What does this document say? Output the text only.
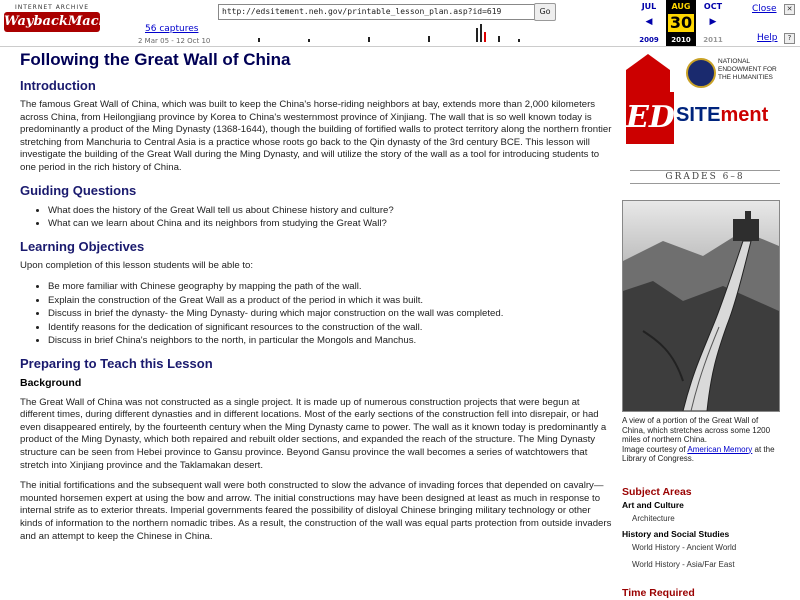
INTERNET ARCHIVE
WaybackMachine 56 captures
2 Mar 05 - 12 Oct 10
http://edsitement.neh.gov/printable_lesson_plan.asp?id=619	Go
JUL
◀
2009
AUG
30
2010
OCT
▶
2011
Close	✕
Help	?
Following the Great Wall of China
Introduction

The famous Great Wall of China, which was built to keep the China's horse-riding neighbors at bay, extends more than 2,000 kilometers across China, from Heilongjiang province by Korea to China's westernmost province of Xinjiang. The wall that is so well known today is predominantly a product of the Ming Dynasty (1368-1644), though the building of fortified walls to protect territory along the northern frontier stretching from Manchuria to Central Asia is a practice whose roots go back to the Qin dynasty of the 3rd century BCE. This lesson will investigate the building of the Great Wall during the Ming Dynasty, and will utilize the story of the wall as a tool for introducing students to one period in the rich history of China.

Guiding Questions
• What does the history of the Great Wall tell us about Chinese history and culture?
• What can we learn about China and its neighbors from studying the Great Wall?
Learning Objectives

Upon completion of this lesson students will be able to:

• Be more familiar with Chinese geography by mapping the path of the wall.
• Explain the construction of the Great Wall as a product of the period in which it was built.
• Discuss in brief the dynasty- the Ming Dynasty- during which major construction on the wall was completed.
• Identify reasons for the dedication of significant resources to the construction of the wall.
• Discuss in brief China's neighbors to the north, in particular the Mongols and Manchus.
Preparing to Teach this Lesson
Background

The Great Wall of China was not constructed as a single project. It is made up of numerous construction projects that were begun at different times, during different dynasties and in different locations. Most of the early sections of the construction fell into disrepair, or had even disappeared entirely, by the fourteenth century when the Ming Dynasty came to power. The wall as it known today is predominantly a product of the Ming Dynasty, which both repaired and rebuilt older sections, and expanded the reach of the structure. The Ming Dynasty structure can be seen from Hebei province to Gansu province. Beyond Gansu province the wall becomes a series of watchtowers that stretch into Xinjiang province and the Taklamakan desert.

The initial fortifications and the subsequent wall were both constructed to slow the advance of invading forces that depended on cavalry—mounted horsemen expert at using the bow and arrow. The initial constructions may have been designed at least as much in response to internal strife as to exterior threats. Imperial governments feared the possibility of disloyal Chinese bringing military technology or other kinds of information to the northern nomadic tribes. As a result, the construction of the wall was equal parts protection from outside invaders and an attempt to keep the Chinese in China.

ED
NATIONAL ENDOWMENT FOR THE HUMANITIES
SITEment
GRADES 6–8
A view of a portion of the Great Wall of China, which stretches across some 1200 miles of northern China.
Image courtesy of American Memory at the Library of Congress.
Subject Areas
Art and Culture
Architecture
History and Social Studies
World History - Ancient World
World History - Asia/Far East
Time Required
